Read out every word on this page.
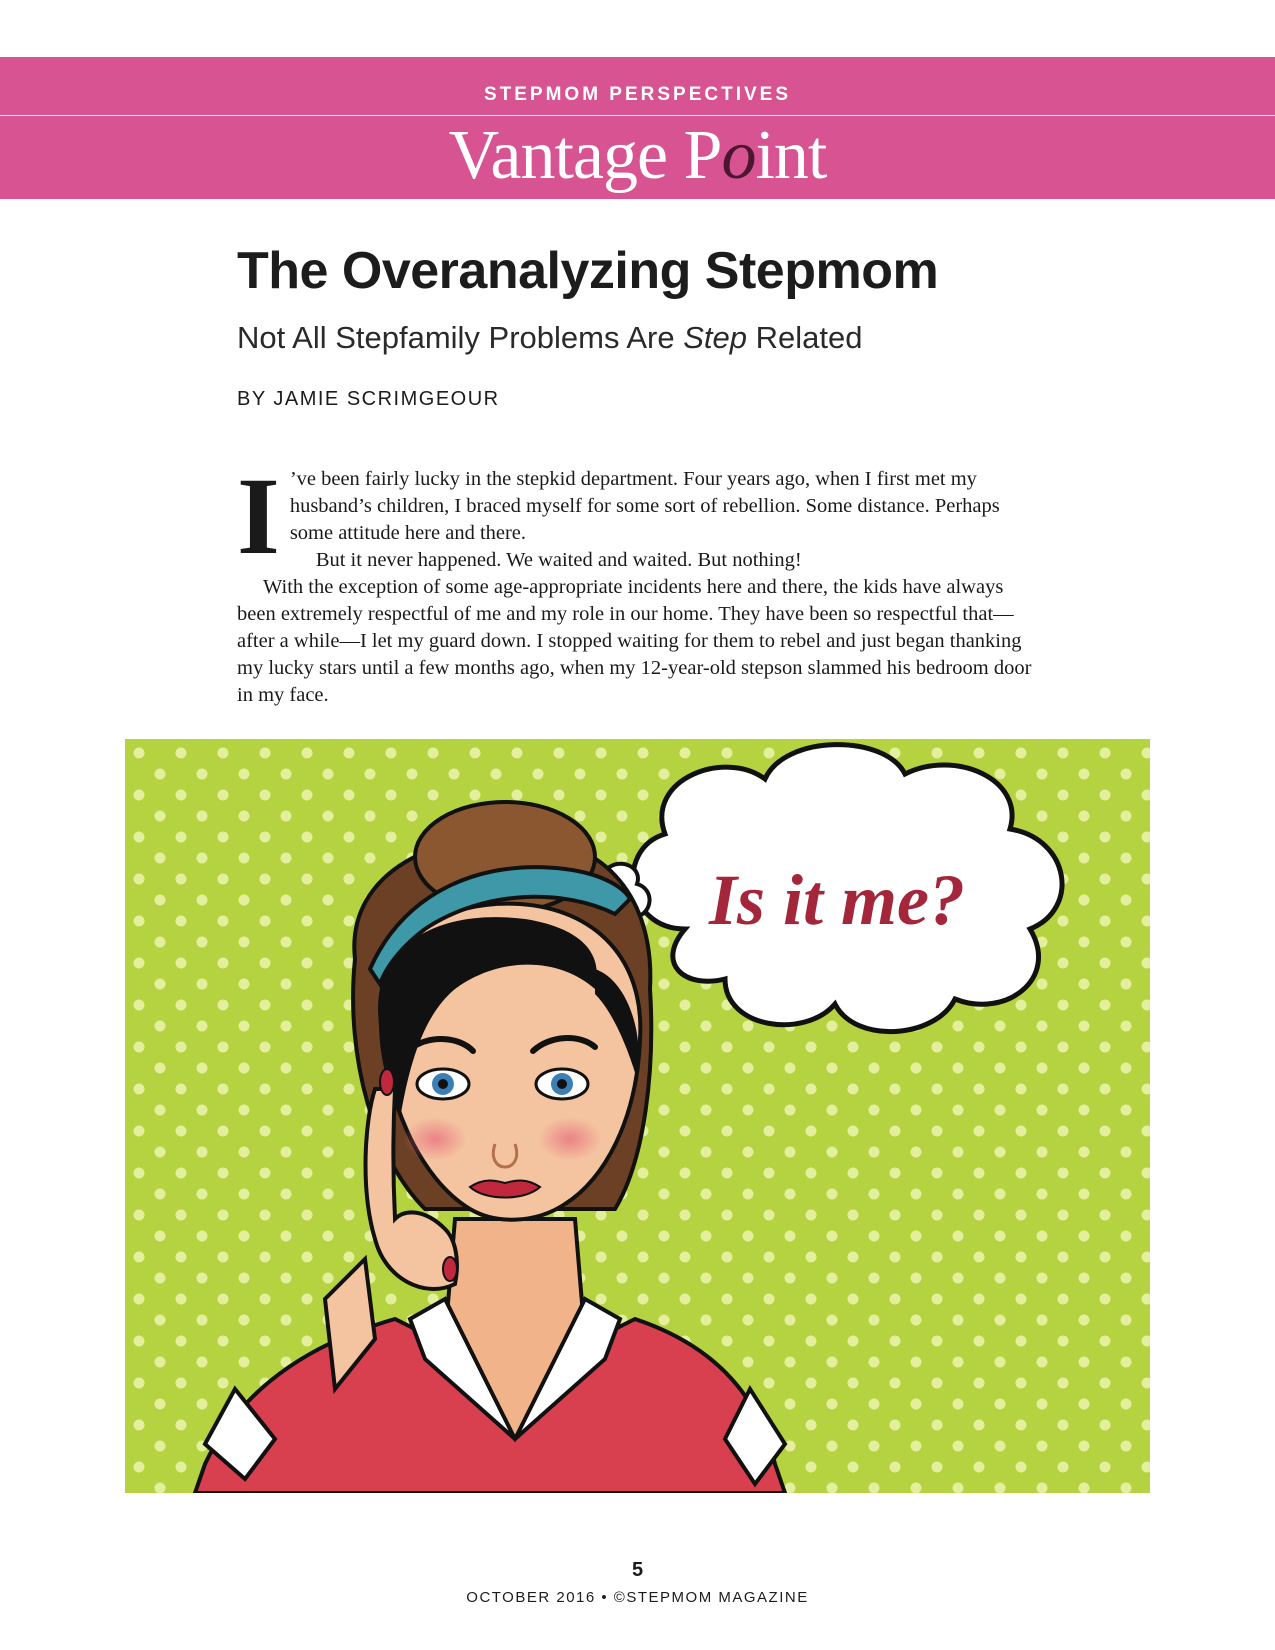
STEPMOM PERSPECTIVES
Vantage Point
The Overanalyzing Stepmom
Not All Stepfamily Problems Are Step Related
BY JAMIE SCRIMGEOUR
I ’ve been fairly lucky in the stepkid department. Four years ago, when I first met my husband’s children, I braced myself for some sort of rebellion. Some distance. Perhaps some attitude here and there.

But it never happened. We waited and waited. But nothing!

With the exception of some age-appropriate incidents here and there, the kids have always been extremely respectful of me and my role in our home. They have been so respectful that—after a while—I let my guard down. I stopped waiting for them to rebel and just began thanking my lucky stars until a few months ago, when my 12-year-old stepson slammed his bedroom door in my face.

Is it me?
5
OCTOBER 2016 • ©STEPMOM MAGAZINE
